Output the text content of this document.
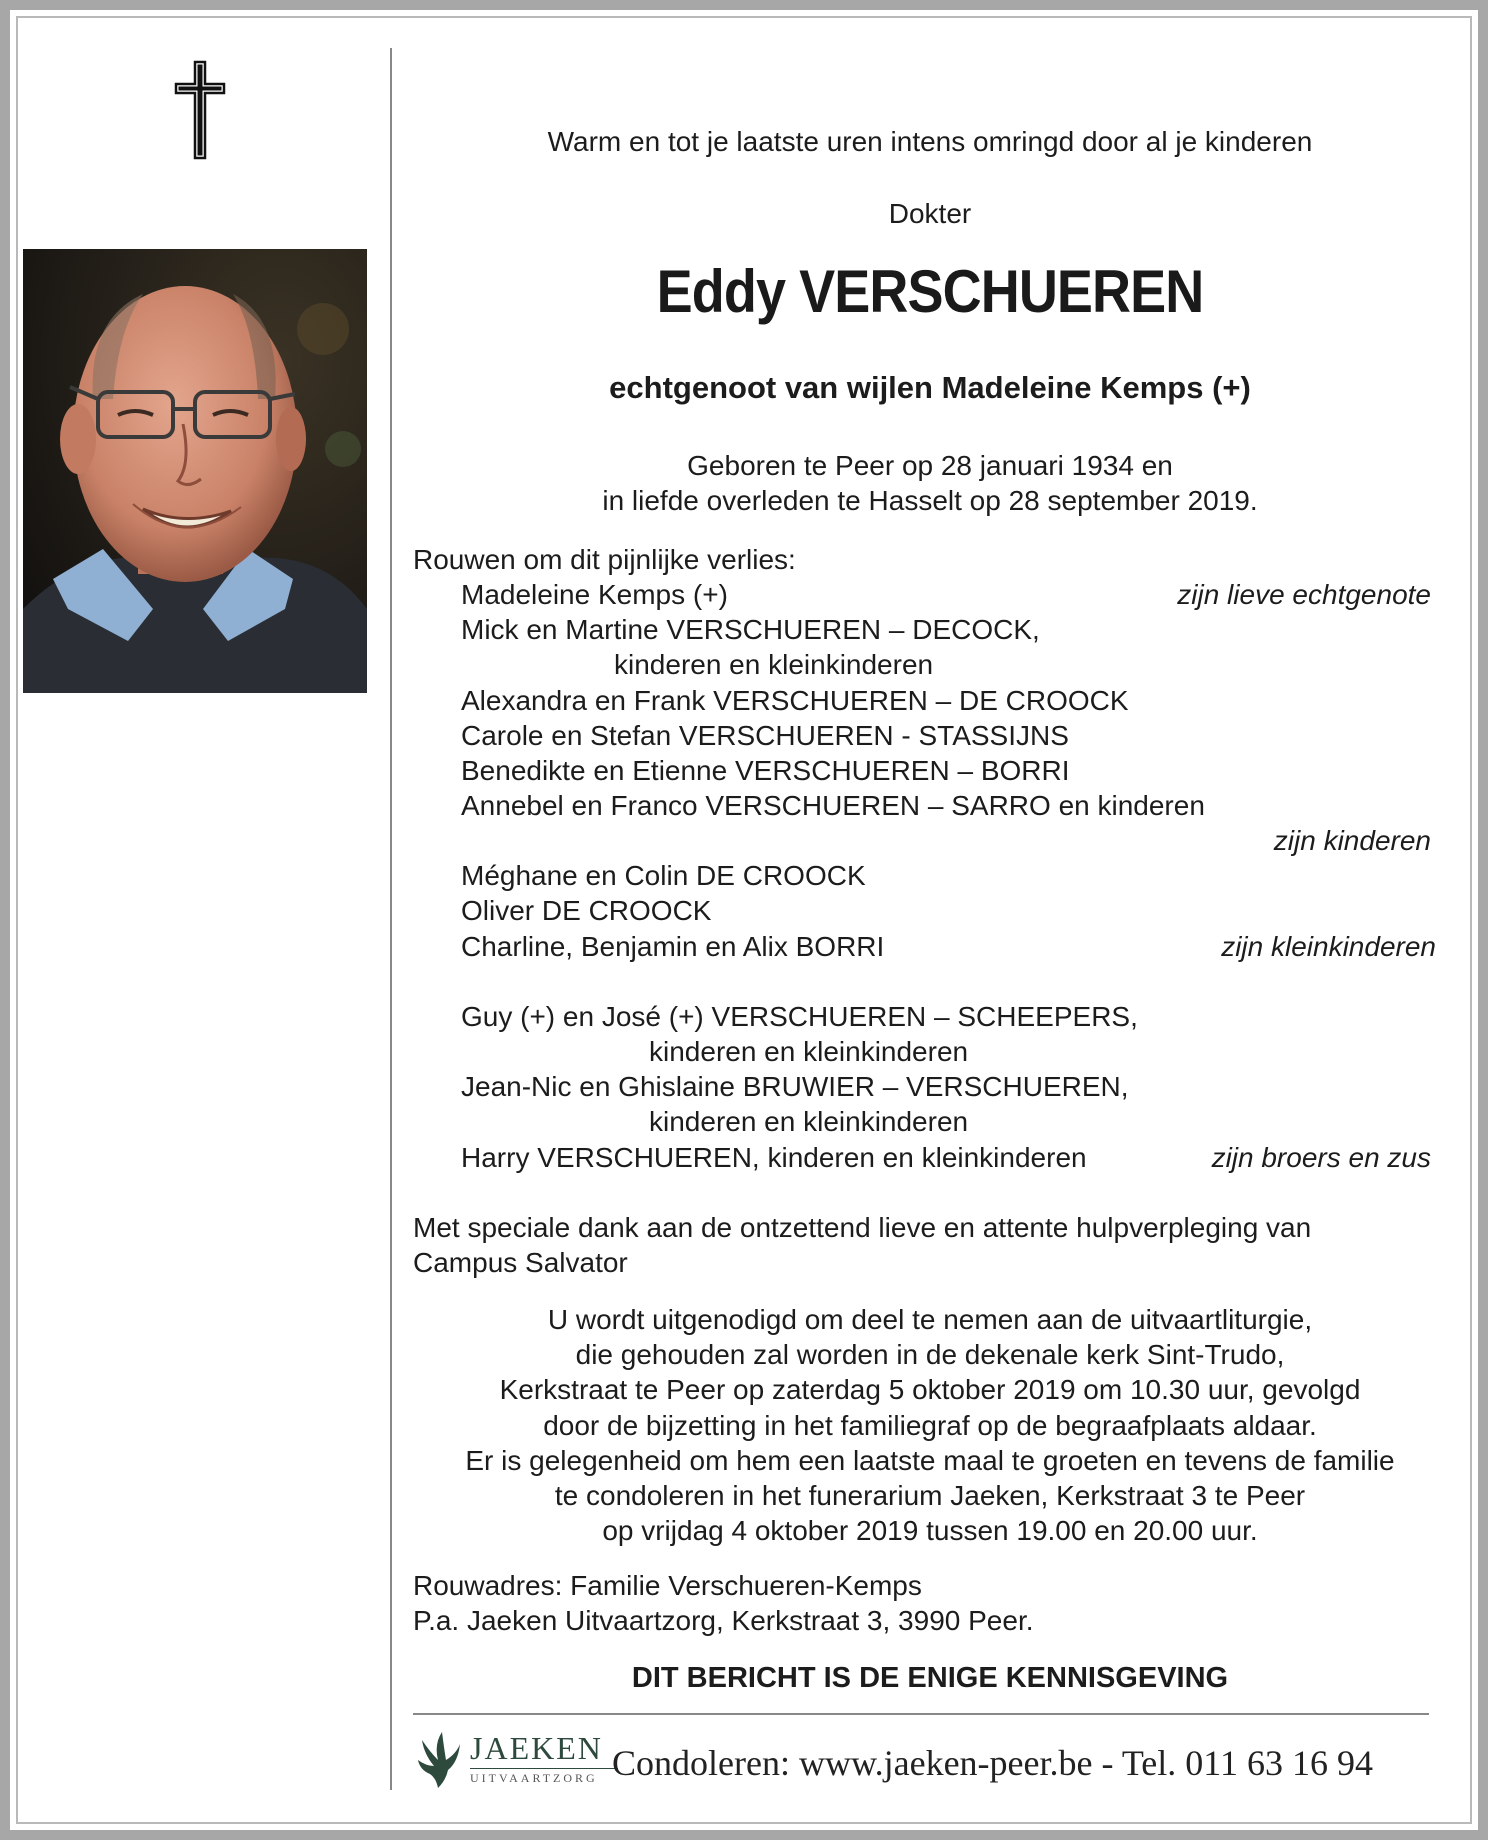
Warm en tot je laatste uren intens omringd door al je kinderen
Dokter
Eddy VERSCHUEREN
echtgenoot van wijlen Madeleine Kemps (+)
Geboren te Peer op 28 januari 1934 en
in liefde overleden te Hasselt op 28 september 2019.
Rouwen om dit pijnlijke verlies:
Madeleine Kemps (+)	zijn lieve echtgenote
Mick en Martine VERSCHUEREN – DECOCK,
kinderen en kleinkinderen
Alexandra en Frank VERSCHUEREN – DE CROOCK
Carole en Stefan VERSCHUEREN - STASSIJNS
Benedikte en Etienne VERSCHUEREN – BORRI
Annebel en Franco VERSCHUEREN – SARRO en kinderen
zijn kinderen
Méghane en Colin DE CROOCK
Oliver DE CROOCK
Charline, Benjamin en Alix BORRI	zijn kleinkinderen
Guy (+) en José (+) VERSCHUEREN – SCHEEPERS,
kinderen en kleinkinderen
Jean-Nic en Ghislaine BRUWIER – VERSCHUEREN,
kinderen en kleinkinderen
Harry VERSCHUEREN, kinderen en kleinkinderen	zijn broers en zus
Met speciale dank aan de ontzettend lieve en attente hulpverpleging van
Campus Salvator
U wordt uitgenodigd om deel te nemen aan de uitvaartliturgie,
die gehouden zal worden in de dekenale kerk Sint-Trudo,
Kerkstraat te Peer op zaterdag 5 oktober 2019 om 10.30 uur, gevolgd
door de bijzetting in het familiegraf op de begraafplaats aldaar.
Er is gelegenheid om hem een laatste maal te groeten en tevens de familie
te condoleren in het funerarium Jaeken, Kerkstraat 3 te Peer
op vrijdag 4 oktober 2019 tussen 19.00 en 20.00 uur.
Rouwadres: Familie Verschueren-Kemps
P.a. Jaeken Uitvaartzorg, Kerkstraat 3, 3990 Peer.
DIT BERICHT IS DE ENIGE KENNISGEVING
JAEKEN
UITVAARTZORG Condoleren: www.jaeken-peer.be - Tel. 011 63 16 94
